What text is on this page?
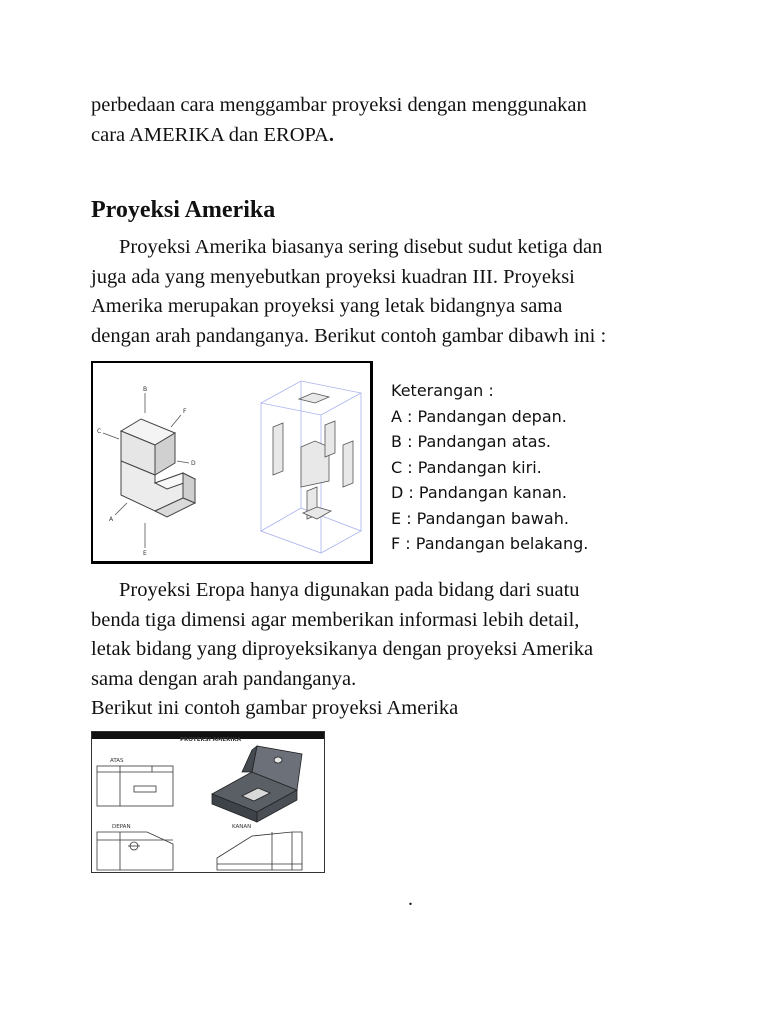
perbedaan cara menggambar proyeksi dengan menggunakan
cara AMERIKA dan EROPA.

Proyeksi Amerika

Proyeksi Amerika biasanya sering disebut sudut ketiga dan
juga ada yang menyebutkan proyeksi kuadran III. Proyeksi
Amerika merupakan proyeksi yang letak bidangnya sama
dengan arah pandanganya. Berikut contoh gambar dibawh ini :

B
C
F
D
A
E
Keterangan :
A : Pandangan depan.
B : Pandangan atas.
C : Pandangan kiri.
D : Pandangan kanan.
E : Pandangan bawah.
F : Pandangan belakang.

Proyeksi Eropa hanya digunakan pada bidang dari suatu
benda tiga dimensi agar memberikan informasi lebih detail,
letak bidang yang diproyeksikanya dengan proyeksi Amerika
sama dengan arah pandanganya.
Berikut ini contoh gambar proyeksi Amerika

PROYEKSI AMERIKA
ATAS
DEPAN	KANAN
.
